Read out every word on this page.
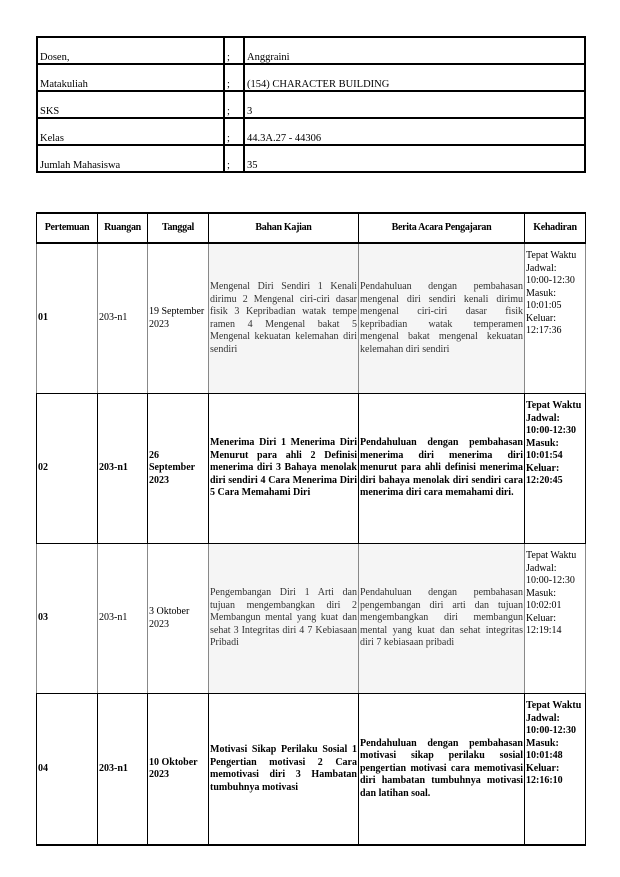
Dosen,	;	Anggraini
Matakuliah	;	(154) CHARACTER BUILDING
SKS	;	3
Kelas	;	44.3A.27 - 44306
Jumlah Mahasiswa	;	35
Pertemuan	Ruangan	Tanggal	Bahan Kajian	Berita Acara Pengajaran	Kehadiran
01	203-n1	19 September 2023	Mengenal Diri Sendiri 1 Kenali dirimu 2 Mengenal ciri-ciri dasar fisik 3 Kepribadian watak tempe ramen 4 Mengenal bakat 5 Mengenal kekuatan kelemahan diri sendiri	Pendahuluan dengan pembahasan mengenal diri sendiri kenali dirimu mengenal ciri-ciri dasar fisik kepribadian watak temperamen mengenal bakat mengenal kekuatan kelemahan diri sendiri	Tepat Waktu Jadwal: 10:00-12:30 Masuk: 10:01:05 Keluar: 12:17:36
02	203-n1	26 September 2023	Menerima Diri 1 Menerima Diri Menurut para ahli 2 Definisi menerima diri 3 Bahaya menolak diri sendiri 4 Cara Menerima Diri 5 Cara Memahami Diri	Pendahuluan dengan pembahasan menerima diri menerima diri menurut para ahli definisi menerima diri bahaya menolak diri sendiri cara menerima diri cara memahami diri.	Tepat Waktu Jadwal: 10:00-12:30 Masuk: 10:01:54 Keluar: 12:20:45
03	203-n1	3 Oktober 2023	Pengembangan Diri 1 Arti dan tujuan mengembangkan diri 2 Membangun mental yang kuat dan sehat 3 Integritas diri 4 7 Kebiasaan Pribadi	Pendahuluan dengan pembahasan pengembangan diri arti dan tujuan mengembangkan diri membangun mental yang kuat dan sehat integritas diri 7 kebiasaan pribadi	Tepat Waktu Jadwal: 10:00-12:30 Masuk: 10:02:01 Keluar: 12:19:14
04	203-n1	10 Oktober 2023	Motivasi Sikap Perilaku Sosial 1 Pengertian motivasi 2 Cara memotivasi diri 3 Hambatan tumbuhnya motivasi	Pendahuluan dengan pembahasan motivasi sikap perilaku sosial pengertian motivasi cara memotivasi diri hambatan tumbuhnya motivasi dan latihan soal.	Tepat Waktu Jadwal: 10:00-12:30 Masuk: 10:01:48 Keluar: 12:16:10
